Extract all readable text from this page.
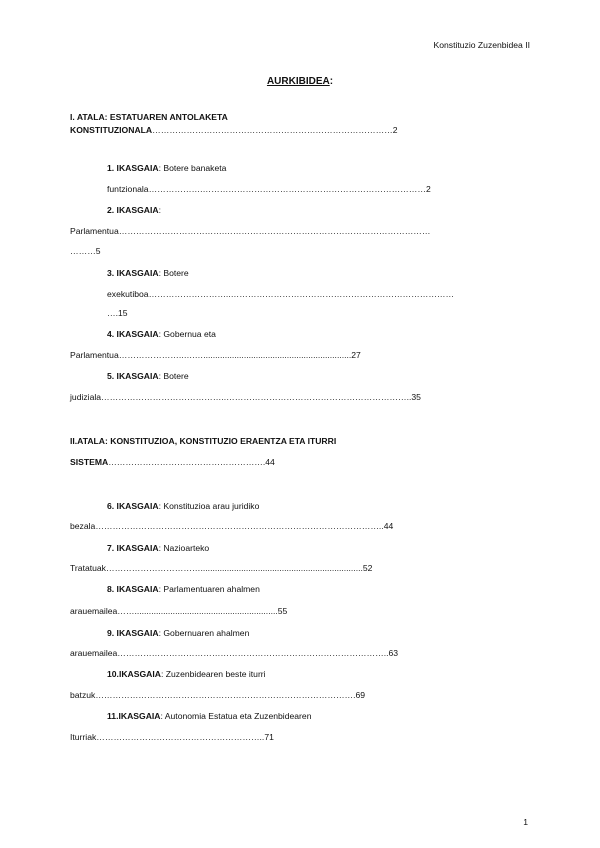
Konstituzio Zuzenbidea II
AURKIBIDEA:
I. ATALA: ESTATUAREN ANTOLAKETA
KONSTITUZIONALA…………………………………………………………………………2
1. IKASGAIA: Botere banaketa
funtzionala……………….……………………………………………………………………2
2. IKASGAIA:
Parlamentua……………………………….………………………………………………………………
………5
3. IKASGAIA: Botere
exekutiboa………………………..……………………………………………………………………
….15
4. IKASGAIA: Gobernua eta
Parlamentua…………………..….…..............................................................27
5. IKASGAIA: Botere
judiziala……………………………………..………………………………………………………..35
II.ATALA: KONSTITUZIOA, KONSTITUZIO ERAENTZA ETA ITURRI
SISTEMA……………………………………………….44
6. IKASGAIA: Konstituzioa arau juridiko
bezala………………………………………………………………………………………..44
7. IKASGAIA: Nazioarteko
Tratatuak……………………………....................................................................52
8. IKASGAIA: Parlamentuaren ahalmen
arauemailea……............................................................55
9. IKASGAIA: Gobernuaren ahalmen
arauemailea…………………………………………………………………………………..63
10.IKASGAIA: Zuzenbidearen beste iturri
batzuk……………………………………………………………………………….69
11.IKASGAIA: Autonomia Estatua eta Zuzenbidearen
Iturriak…………………………………………………..71
1
